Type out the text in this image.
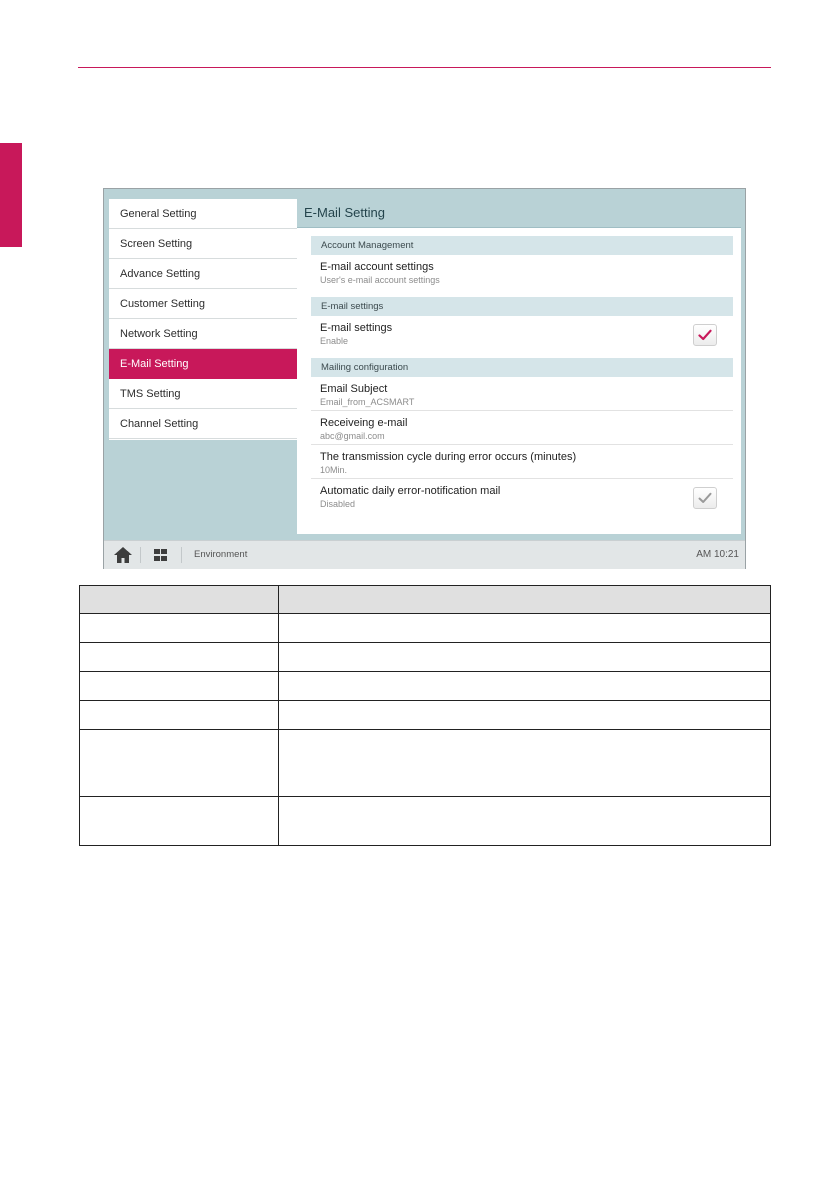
General Setting
Screen Setting
Advance Setting
Customer Setting
Network Setting
E-Mail Setting
TMS Setting
Channel Setting
E-Mail Setting
Account Management
E-mail account settings
User's e-mail account settings
E-mail settings
E-mail settings
Enable
Mailing configuration
Email Subject
Email_from_ACSMART
Receiveing e-mail
abc@gmail.com
The transmission cycle during error occurs (minutes)
10Min.
Automatic daily error-notification mail
Disabled
Environment	AM 10:21
